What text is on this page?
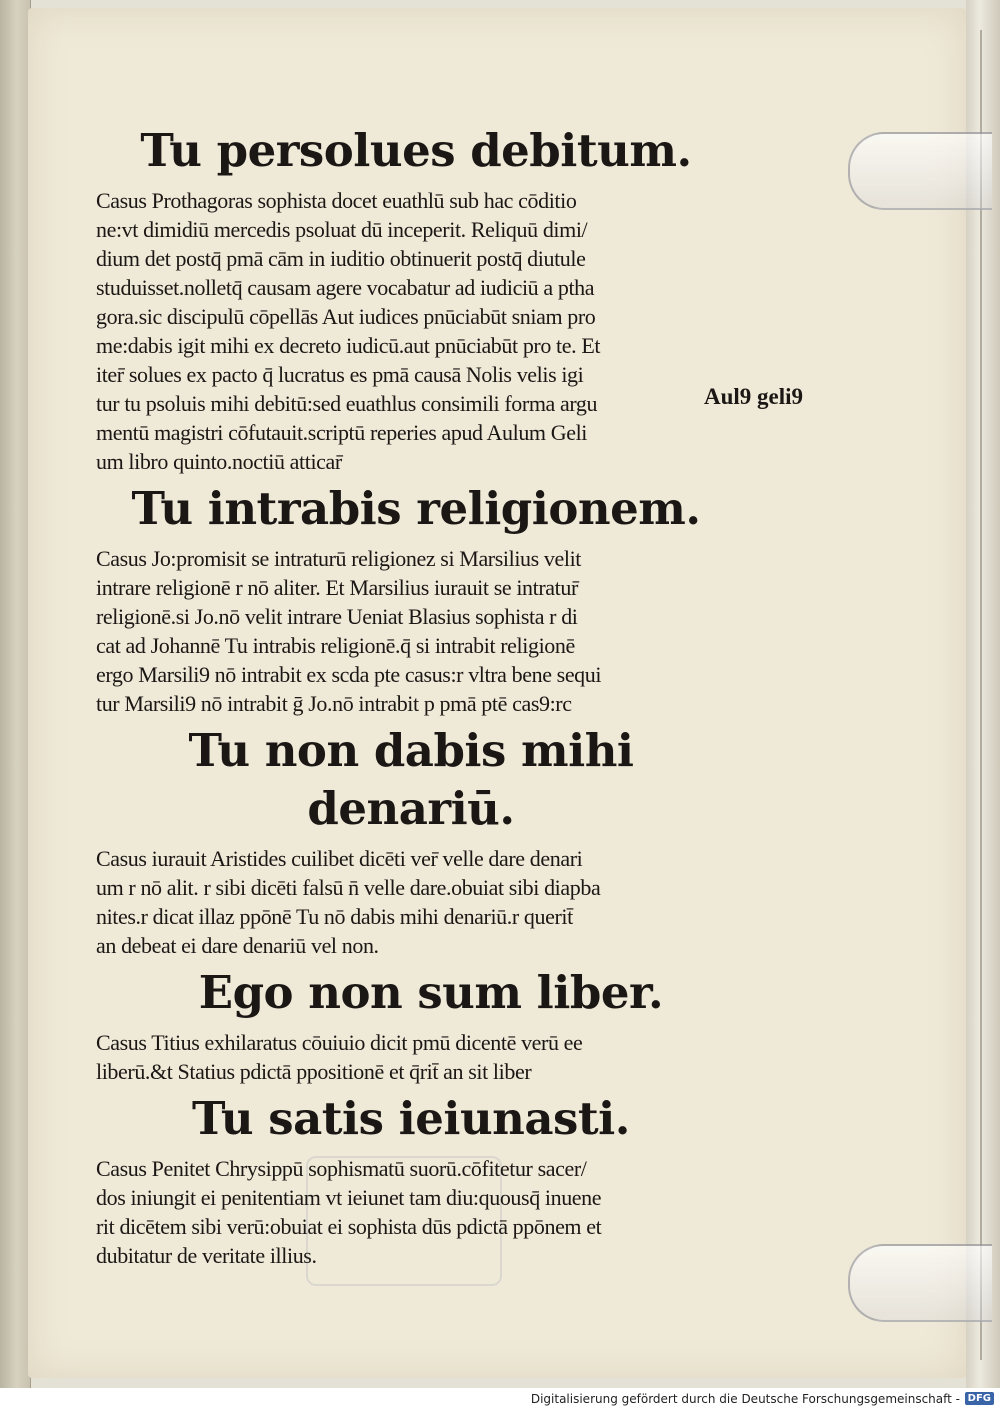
Tu persolues debitum.
Casus Prothagoras sophista docet euathlū sub hac cōditio
ne:vt dimidiū mercedis psoluat dū inceperit. Reliquū dimi/
dium det postq̄ pmā cām in iuditio obtinuerit postq̄ diutule
studuisset.nolletq̄ causam agere vocabatur ad iudiciū a ptha
gora.sic discipulū cōpellās Aut iudices pnūciabūt sniam pro
me:dabis igit mihi ex decreto iudicū.aut pnūciabūt pro te. Et
iter̄ solues ex pacto q̄ lucratus es pmā causā Nolis velis igi
tur tu psoluis mihi debitū:sed euathlus consimili forma argu
mentū magistri cōfutauit.scriptū reperies apud Aulum Geli
um libro quinto.noctiū atticar̄
Tu intrabis religionem.
Casus Jo:promisit se intraturū religionez si Marsilius velit
intrare religionē r nō aliter. Et Marsilius iurauit se intratur̄
religionē.si Jo.nō velit intrare Ueniat Blasius sophista r di
cat ad Johannē Tu intrabis religionē.q̄ si intrabit religionē
ergo Marsili9 nō intrabit ex scda pte casus:r vltra bene sequi
tur Marsili9 nō intrabit ḡ Jo.nō intrabit p pmā ptē cas9:rc
Tu non dabis mihi denariū.
Casus iurauit Aristides cuilibet dicēti ver̄ velle dare denari
um r nō alit. r sibi dicēti falsū n̄ velle dare.obuiat sibi diapba
nites.r dicat illaz ppōnē Tu nō dabis mihi denariū.r querit̄
an debeat ei dare denariū vel non.
Ego non sum liber.
Casus Titius exhilaratus cōuiuio dicit pmū dicentē verū ee
liberū.&t Statius pdictā ppositionē et q̄rit̄ an sit liber
Tu satis ieiunasti.
Casus Penitet Chrysippū sophismatū suorū.cōfitetur sacer/
dos iniungit ei penitentiam vt ieiunet tam diu:quousq̄ inuene
rit dicētem sibi verū:obuiat ei sophista dūs pdictā ppōnem et
dubitatur de veritate illius.
Aul9 geli9
Digitalisierung gefördert durch die Deutsche Forschungsgemeinschaft - DFG
